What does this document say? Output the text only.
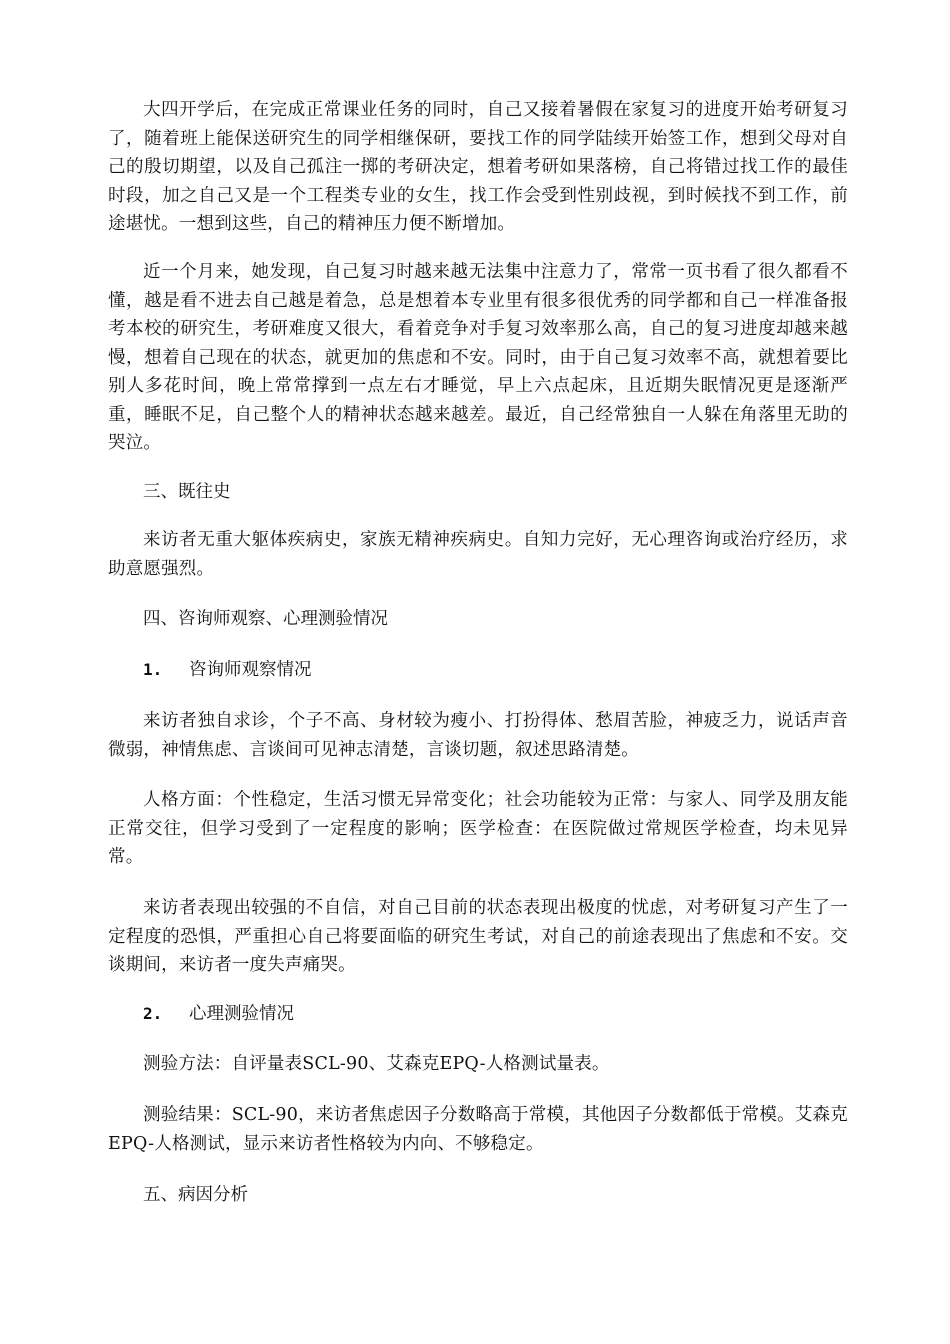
大四开学后，在完成正常课业任务的同时，自己又接着暑假在家复习的进度开始考研复习了，随着班上能保送研究生的同学相继保研，要找工作的同学陆续开始签工作，想到父母对自己的殷切期望，以及自己孤注一掷的考研决定，想着考研如果落榜，自己将错过找工作的最佳时段，加之自己又是一个工程类专业的女生，找工作会受到性别歧视，到时候找不到工作，前途堪忧。一想到这些，自己的精神压力便不断增加。

近一个月来，她发现，自己复习时越来越无法集中注意力了，常常一页书看了很久都看不懂，越是看不进去自己越是着急，总是想着本专业里有很多很优秀的同学都和自己一样准备报考本校的研究生，考研难度又很大，看着竞争对手复习效率那么高，自己的复习进度却越来越慢，想着自己现在的状态，就更加的焦虑和不安。同时，由于自己复习效率不高，就想着要比别人多花时间，晚上常常撑到一点左右才睡觉，早上六点起床，且近期失眠情况更是逐渐严重，睡眠不足，自己整个人的精神状态越来越差。最近，自己经常独自一人躲在角落里无助的哭泣。

三、既往史

来访者无重大躯体疾病史，家族无精神疾病史。自知力完好，无心理咨询或治疗经历，求助意愿强烈。

四、咨询师观察、心理测验情况

1. 咨询师观察情况

来访者独自求诊，个子不高、身材较为瘦小、打扮得体、愁眉苦脸，神疲乏力，说话声音微弱，神情焦虑、言谈间可见神志清楚，言谈切题，叙述思路清楚。

人格方面：个性稳定，生活习惯无异常变化；社会功能较为正常：与家人、同学及朋友能正常交往，但学习受到了一定程度的影响；医学检查：在医院做过常规医学检查，均未见异常。

来访者表现出较强的不自信，对自己目前的状态表现出极度的忧虑，对考研复习产生了一定程度的恐惧，严重担心自己将要面临的研究生考试，对自己的前途表现出了焦虑和不安。交谈期间，来访者一度失声痛哭。

2. 心理测验情况

测验方法：自评量表SCL-90、艾森克EPQ-人格测试量表。

测验结果：SCL-90，来访者焦虑因子分数略高于常模，其他因子分数都低于常模。艾森克EPQ-人格测试，显示来访者性格较为内向、不够稳定。

五、病因分析
